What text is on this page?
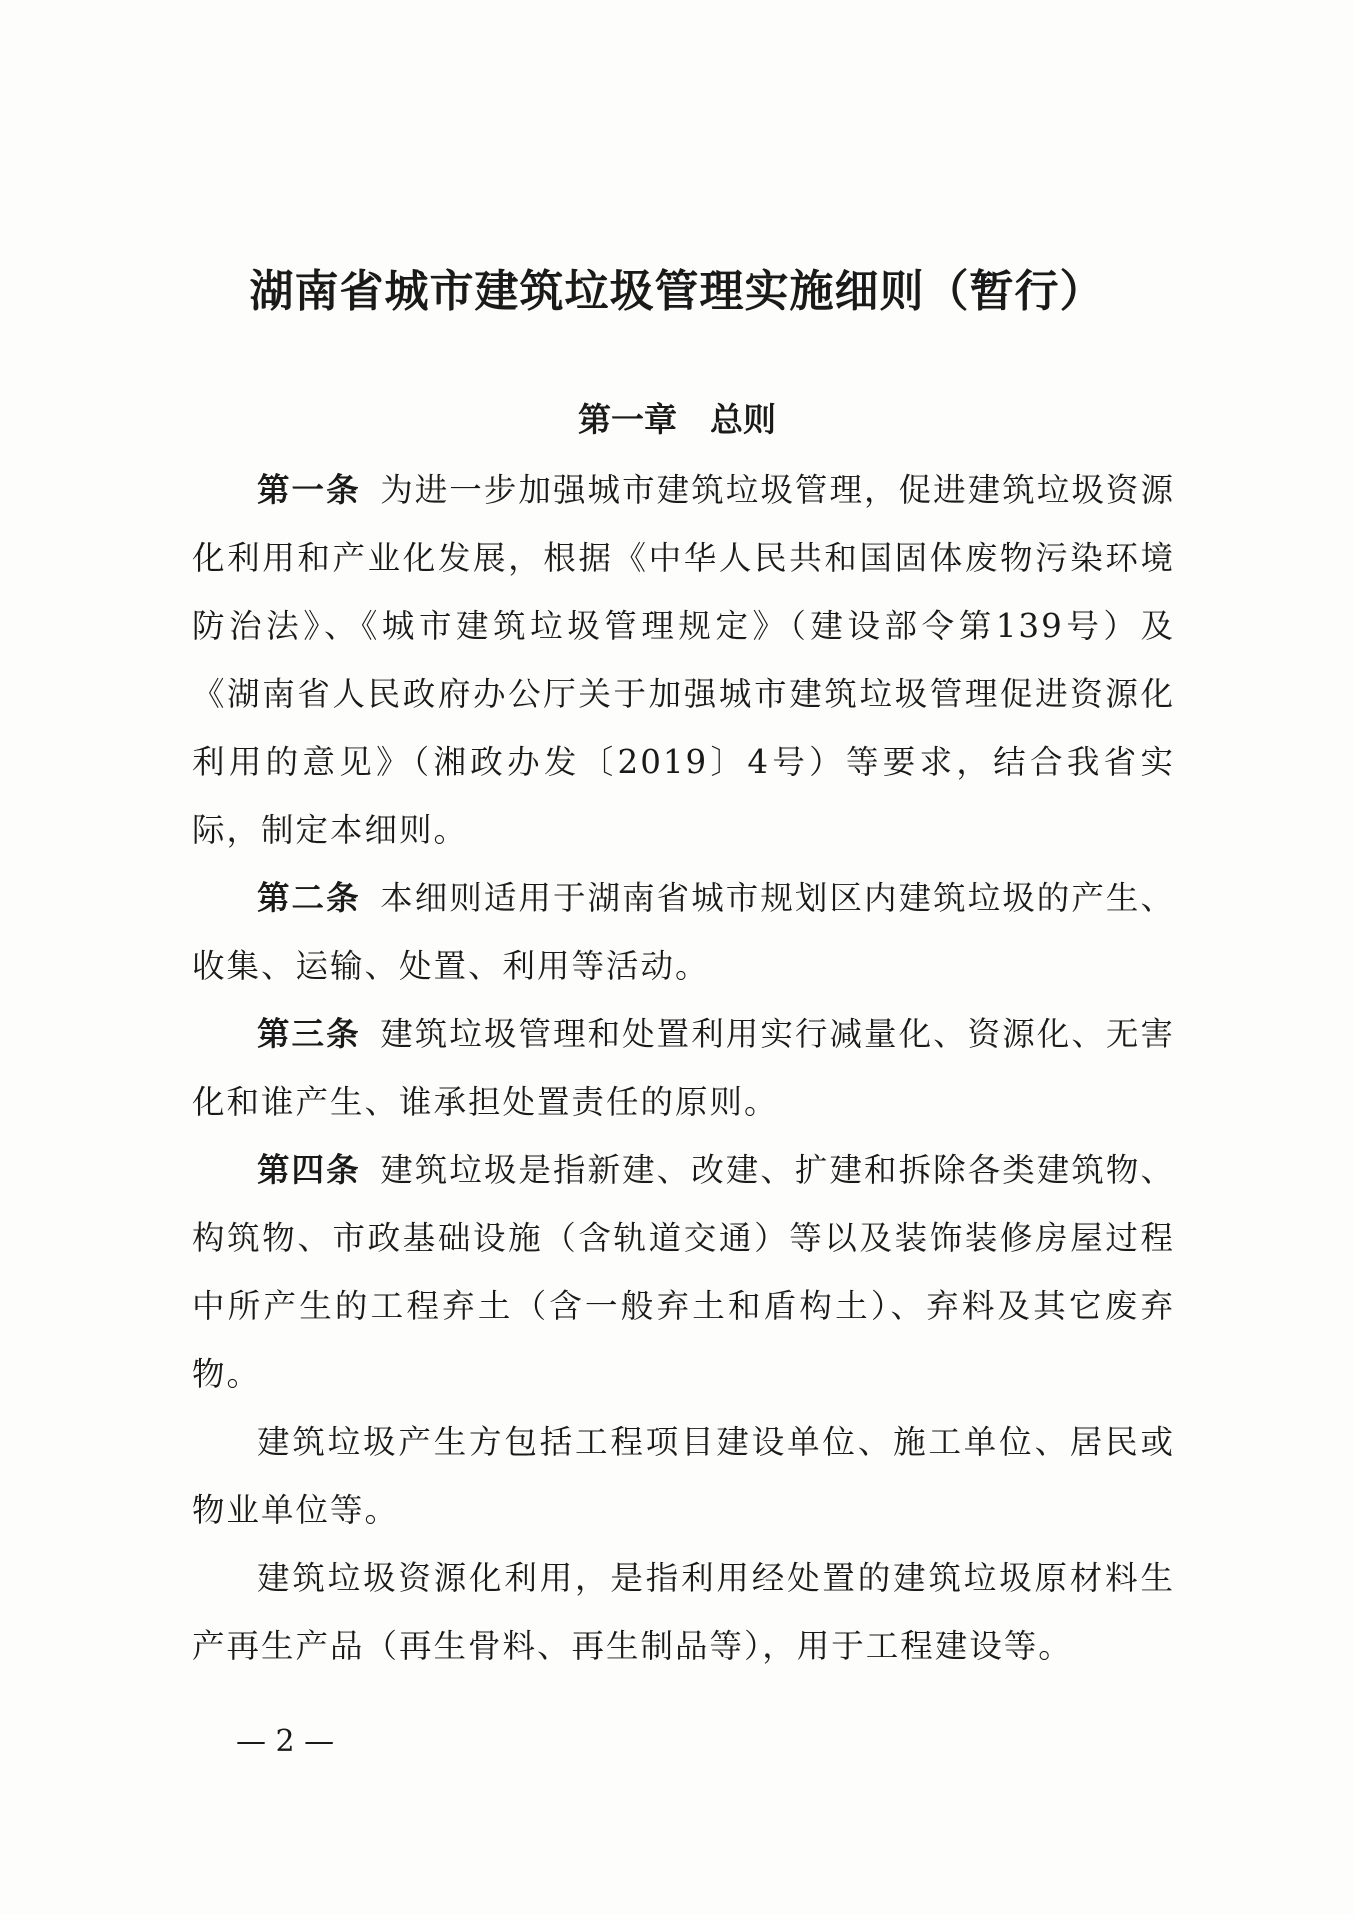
湖南省城市建筑垃圾管理实施细则（暂行）
第一章　总则

第一条 为进一步加强城市建筑垃圾管理，促进建筑垃圾资源化利用和产业化发展，根据《中华人民共和国固体废物污染环境防治法》、《城市建筑垃圾管理规定》（建设部令第139号）及《湖南省人民政府办公厅关于加强城市建筑垃圾管理促进资源化利用的意见》（湘政办发〔2019〕4号）等要求，结合我省实际，制定本细则。

第二条 本细则适用于湖南省城市规划区内建筑垃圾的产生、收集、运输、处置、利用等活动。

第三条 建筑垃圾管理和处置利用实行减量化、资源化、无害化和谁产生、谁承担处置责任的原则。

第四条 建筑垃圾是指新建、改建、扩建和拆除各类建筑物、构筑物、市政基础设施（含轨道交通）等以及装饰装修房屋过程中所产生的工程弃土（含一般弃土和盾构土）、弃料及其它废弃物。

建筑垃圾产生方包括工程项目建设单位、施工单位、居民或物业单位等。

建筑垃圾资源化利用，是指利用经处置的建筑垃圾原材料生产再生产品（再生骨料、再生制品等），用于工程建设等。

— 2 —
